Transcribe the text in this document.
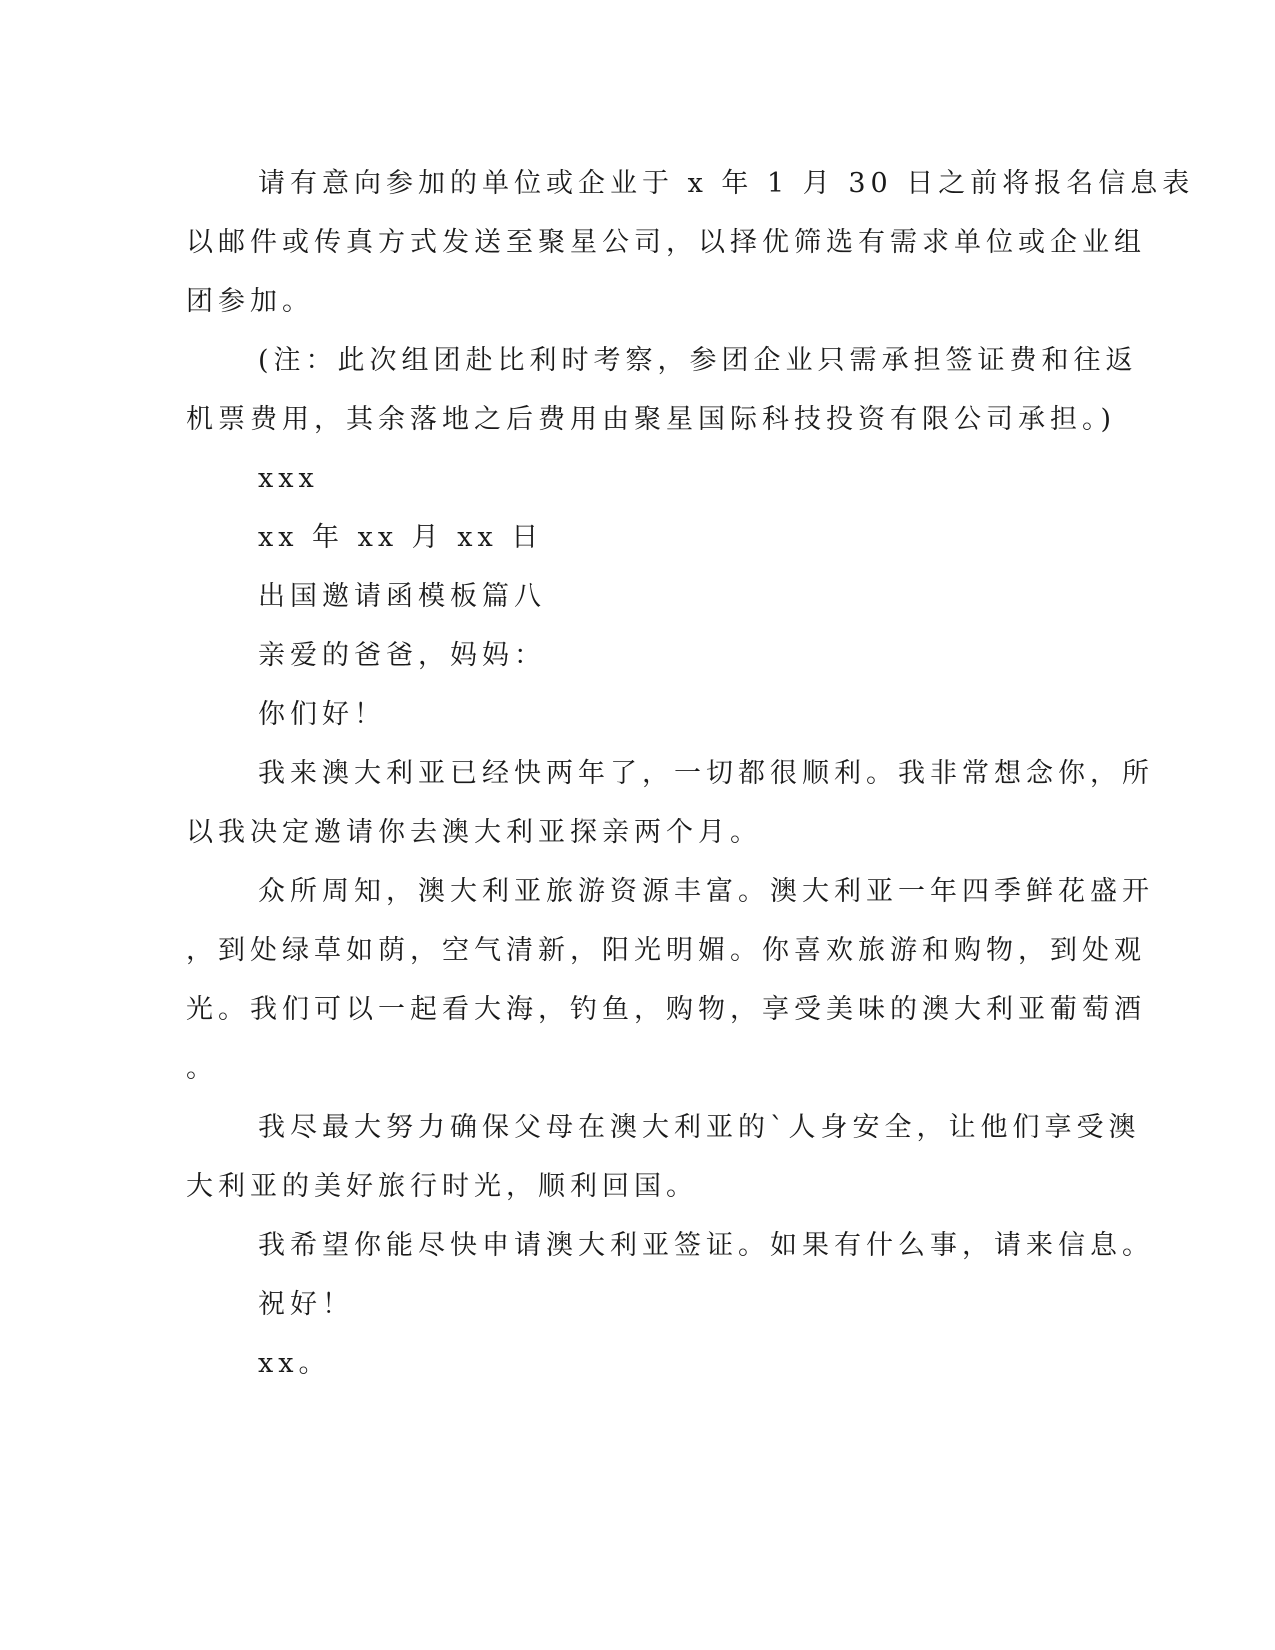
请有意向参加的单位或企业于 x 年 1 月 30 日之前将报名信息表
以邮件或传真方式发送至聚星公司，以择优筛选有需求单位或企业组
团参加。
(注：此次组团赴比利时考察，参团企业只需承担签证费和往返
机票费用，其余落地之后费用由聚星国际科技投资有限公司承担。)
xxx
xx 年 xx 月 xx 日
出国邀请函模板篇八
亲爱的爸爸，妈妈：
你们好！
我来澳大利亚已经快两年了，一切都很顺利。我非常想念你，所
以我决定邀请你去澳大利亚探亲两个月。
众所周知，澳大利亚旅游资源丰富。澳大利亚一年四季鲜花盛开
，到处绿草如荫，空气清新，阳光明媚。你喜欢旅游和购物，到处观
光。我们可以一起看大海，钓鱼，购物，享受美味的澳大利亚葡萄酒
。
我尽最大努力确保父母在澳大利亚的`人身安全，让他们享受澳
大利亚的美好旅行时光，顺利回国。
我希望你能尽快申请澳大利亚签证。如果有什么事，请来信息。
祝好！
xx。
